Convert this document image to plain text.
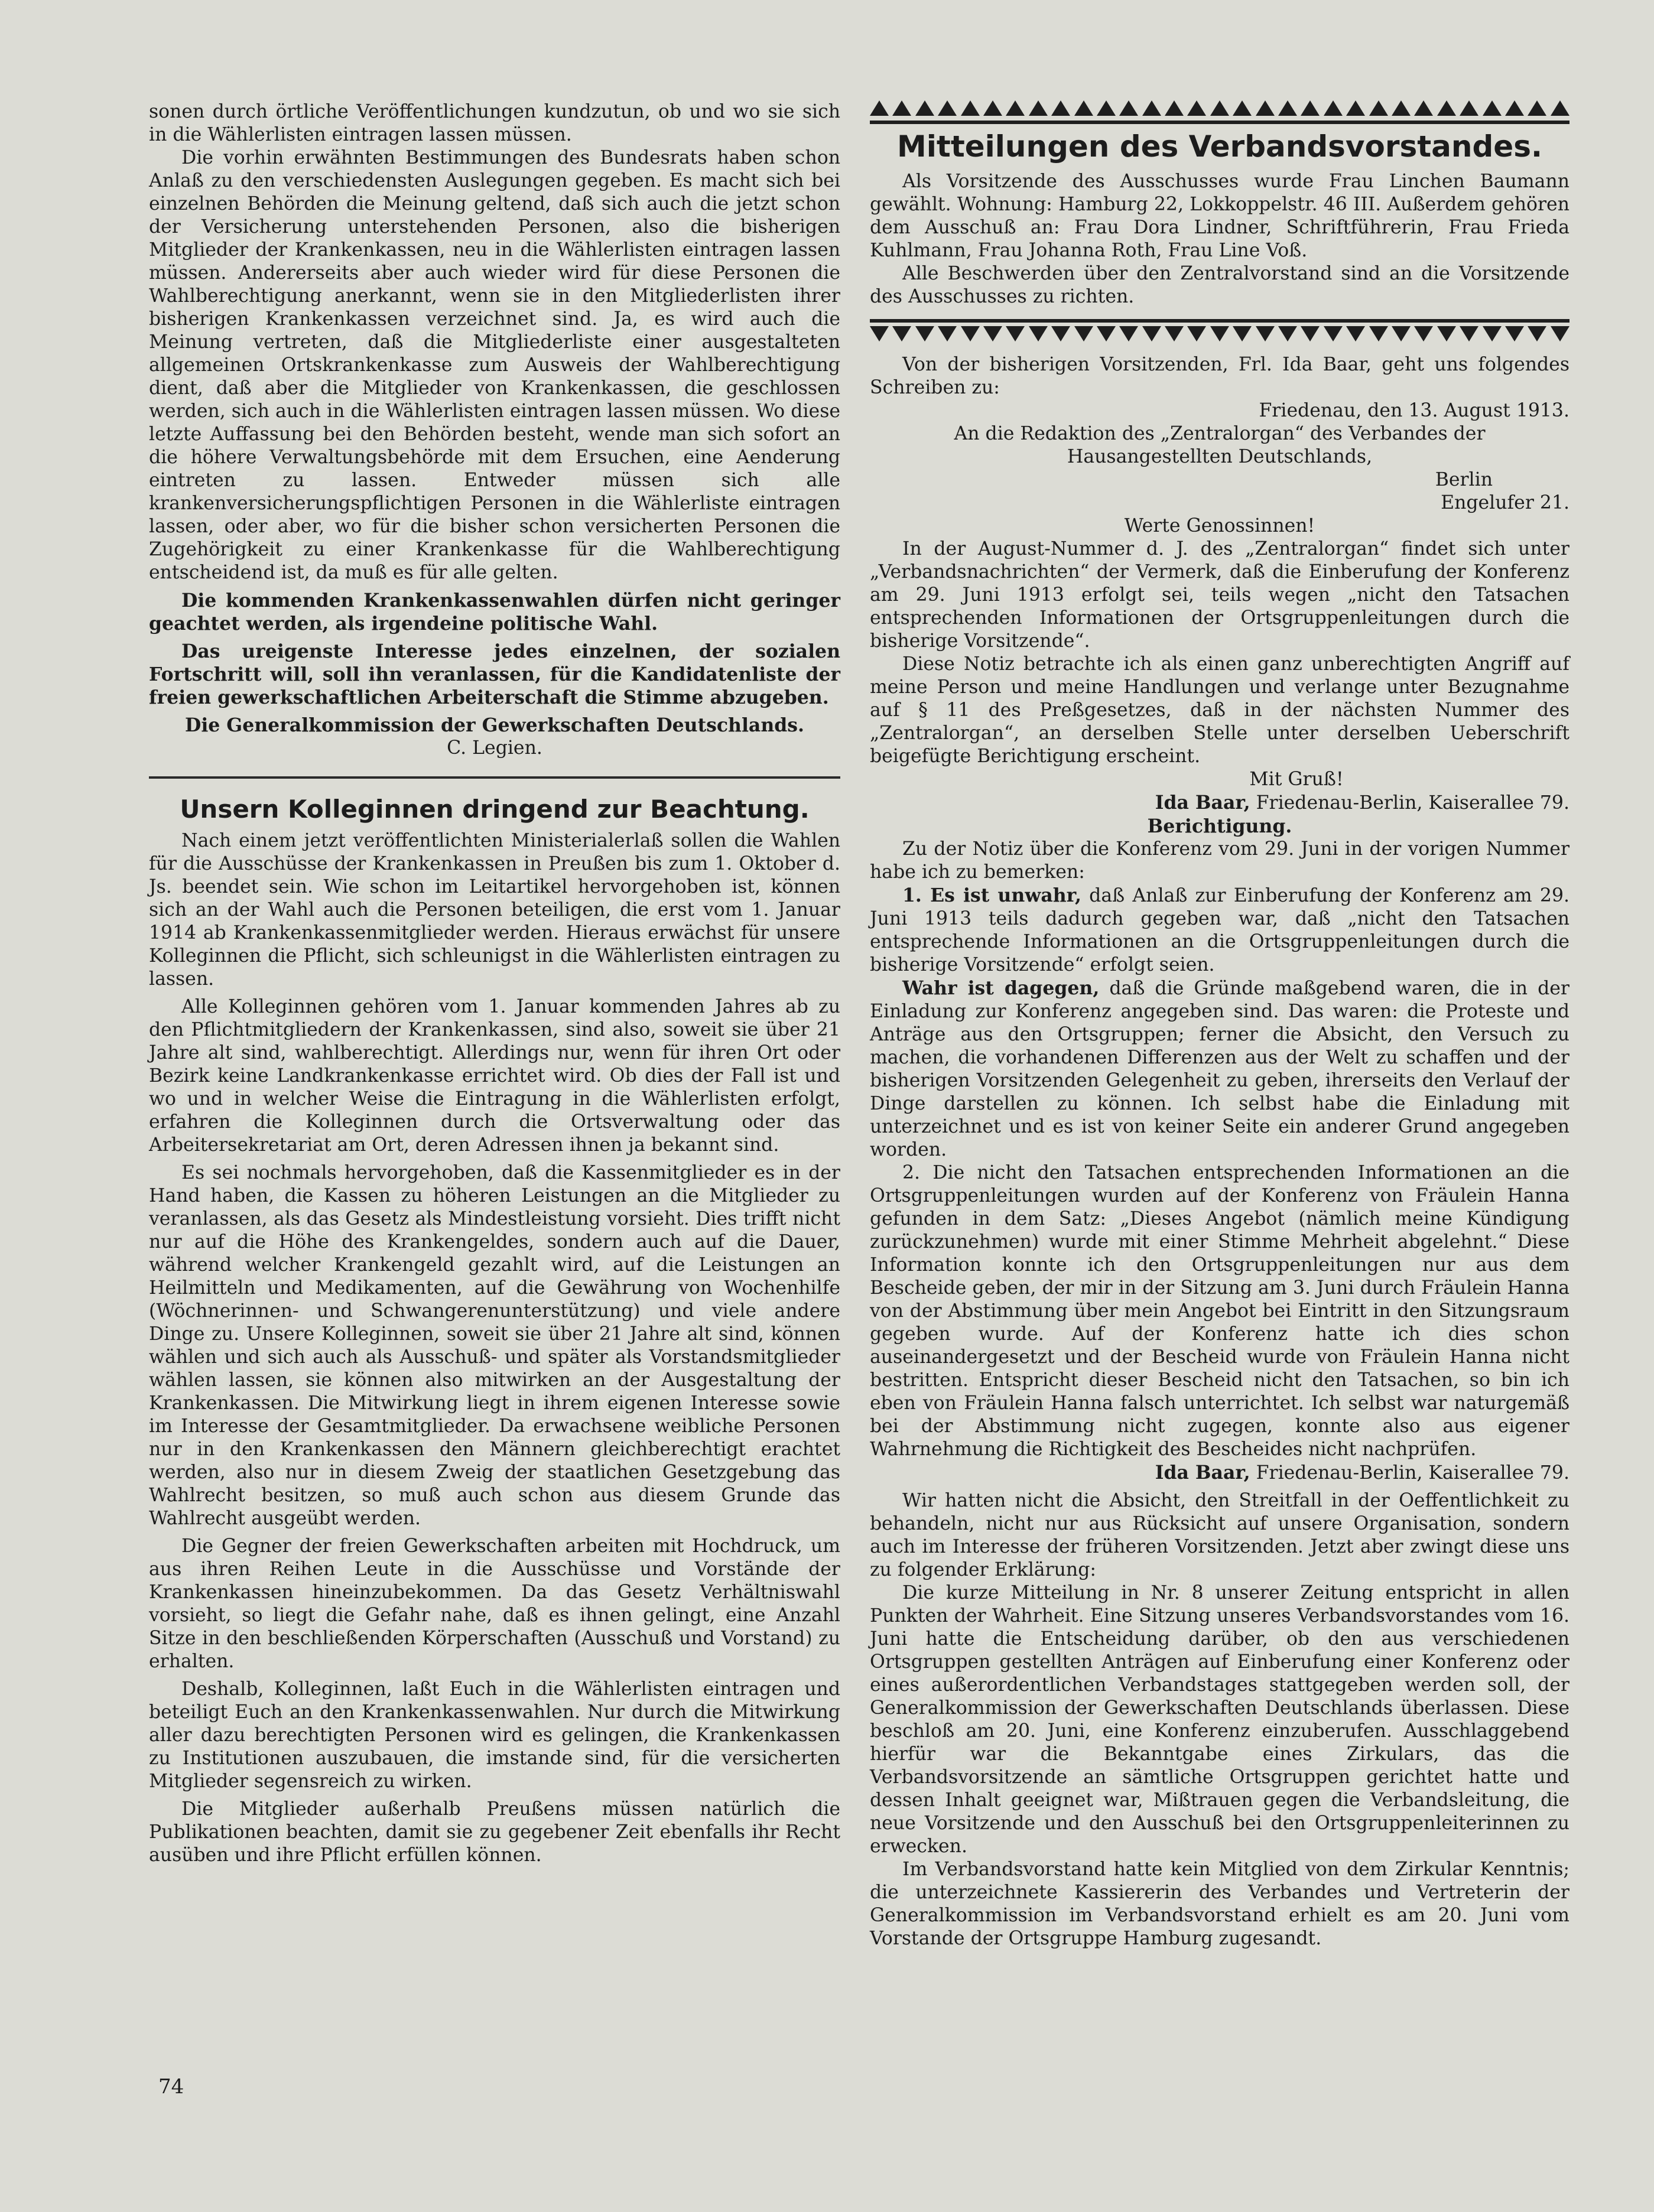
sonen durch örtliche Veröffentlichungen kundzutun, ob und wo sie sich in die Wählerlisten eintragen lassen müssen.

Die vorhin erwähnten Bestimmungen des Bundesrats haben schon Anlaß zu den verschiedensten Auslegungen gegeben. Es macht sich bei einzelnen Behörden die Meinung geltend, daß sich auch die jetzt schon der Versicherung unterstehenden Personen, also die bisherigen Mitglieder der Krankenkassen, neu in die Wählerlisten eintragen lassen müssen. Andererseits aber auch wieder wird für diese Personen die Wahlberechtigung anerkannt, wenn sie in den Mitgliederlisten ihrer bisherigen Krankenkassen verzeichnet sind. Ja, es wird auch die Meinung vertreten, daß die Mitgliederliste einer ausgestalteten allgemeinen Ortskrankenkasse zum Ausweis der Wahlberechtigung dient, daß aber die Mitglieder von Krankenkassen, die geschlossen werden, sich auch in die Wählerlisten eintragen lassen müssen. Wo diese letzte Auffassung bei den Behörden besteht, wende man sich sofort an die höhere Verwaltungsbehörde mit dem Ersuchen, eine Aenderung eintreten zu lassen. Entweder müssen sich alle krankenversicherungspflichtigen Personen in die Wählerliste eintragen lassen, oder aber, wo für die bisher schon versicherten Personen die Zugehörigkeit zu einer Krankenkasse für die Wahlberechtigung entscheidend ist, da muß es für alle gelten.

Die kommenden Krankenkassenwahlen dürfen nicht geringer geachtet werden, als irgendeine politische Wahl.

Das ureigenste Interesse jedes einzelnen, der sozialen Fortschritt will, soll ihn veranlassen, für die Kandidatenliste der freien gewerkschaftlichen Arbeiterschaft die Stimme abzugeben.

Die Generalkommission der Gewerkschaften Deutschlands.

C. Legien.

Unsern Kolleginnen dringend zur Beachtung.

Nach einem jetzt veröffentlichten Ministerialerlaß sollen die Wahlen für die Ausschüsse der Krankenkassen in Preußen bis zum 1. Oktober d. Js. beendet sein. Wie schon im Leitartikel hervorgehoben ist, können sich an der Wahl auch die Personen beteiligen, die erst vom 1. Januar 1914 ab Krankenkassenmitglieder werden. Hieraus erwächst für unsere Kolleginnen die Pflicht, sich schleunigst in die Wählerlisten eintragen zu lassen.

Alle Kolleginnen gehören vom 1. Januar kommenden Jahres ab zu den Pflichtmitgliedern der Krankenkassen, sind also, soweit sie über 21 Jahre alt sind, wahlberechtigt. Allerdings nur, wenn für ihren Ort oder Bezirk keine Landkrankenkasse errichtet wird. Ob dies der Fall ist und wo und in welcher Weise die Eintragung in die Wählerlisten erfolgt, erfahren die Kolleginnen durch die Ortsverwaltung oder das Arbeitersekretariat am Ort, deren Adressen ihnen ja bekannt sind.

Es sei nochmals hervorgehoben, daß die Kassenmitglieder es in der Hand haben, die Kassen zu höheren Leistungen an die Mitglieder zu veranlassen, als das Gesetz als Mindestleistung vorsieht. Dies trifft nicht nur auf die Höhe des Krankengeldes, sondern auch auf die Dauer, während welcher Krankengeld gezahlt wird, auf die Leistungen an Heilmitteln und Medikamenten, auf die Gewährung von Wochenhilfe (Wöchnerinnen- und Schwangerenunterstützung) und viele andere Dinge zu. Unsere Kolleginnen, soweit sie über 21 Jahre alt sind, können wählen und sich auch als Ausschuß- und später als Vorstandsmitglieder wählen lassen, sie können also mitwirken an der Ausgestaltung der Krankenkassen. Die Mitwirkung liegt in ihrem eigenen Interesse sowie im Interesse der Gesamtmitglieder. Da erwachsene weibliche Personen nur in den Krankenkassen den Männern gleichberechtigt erachtet werden, also nur in diesem Zweig der staatlichen Gesetzgebung das Wahlrecht besitzen, so muß auch schon aus diesem Grunde das Wahlrecht ausgeübt werden.

Die Gegner der freien Gewerkschaften arbeiten mit Hochdruck, um aus ihren Reihen Leute in die Ausschüsse und Vorstände der Krankenkassen hineinzubekommen. Da das Gesetz Verhältniswahl vorsieht, so liegt die Gefahr nahe, daß es ihnen gelingt, eine Anzahl Sitze in den beschließenden Körperschaften (Ausschuß und Vorstand) zu erhalten.

Deshalb, Kolleginnen, laßt Euch in die Wählerlisten eintragen und beteiligt Euch an den Krankenkassenwahlen. Nur durch die Mitwirkung aller dazu berechtigten Personen wird es gelingen, die Krankenkassen zu Institutionen auszubauen, die imstande sind, für die versicherten Mitglieder segensreich zu wirken.

Die Mitglieder außerhalb Preußens müssen natürlich die Publikationen beachten, damit sie zu gegebener Zeit ebenfalls ihr Recht ausüben und ihre Pflicht erfüllen können.

Mitteilungen des Verbandsvorstandes.

Als Vorsitzende des Ausschusses wurde Frau Linchen Baumann gewählt. Wohnung: Hamburg 22, Lokkoppelstr. 46 III. Außerdem gehören dem Ausschuß an: Frau Dora Lindner, Schriftführerin, Frau Frieda Kuhlmann, Frau Johanna Roth, Frau Line Voß.

Alle Beschwerden über den Zentralvorstand sind an die Vorsitzende des Ausschusses zu richten.

Von der bisherigen Vorsitzenden, Frl. Ida Baar, geht uns folgendes Schreiben zu:

Friedenau, den 13. August 1913.

An die Redaktion des „Zentralorgan“ des Verbandes der Hausangestellten Deutschlands,

Berlin

Engelufer 21.

Werte Genossinnen!

In der August-Nummer d. J. des „Zentralorgan“ findet sich unter „Verbandsnachrichten“ der Vermerk, daß die Einberufung der Konferenz am 29. Juni 1913 erfolgt sei, teils wegen „nicht den Tatsachen entsprechenden Informationen der Ortsgruppenleitungen durch die bisherige Vorsitzende“.

Diese Notiz betrachte ich als einen ganz unberechtigten Angriff auf meine Person und meine Handlungen und verlange unter Bezugnahme auf § 11 des Preßgesetzes, daß in der nächsten Nummer des „Zentralorgan“, an derselben Stelle unter derselben Ueberschrift beigefügte Berichtigung erscheint.

Mit Gruß!

Ida Baar, Friedenau-Berlin, Kaiserallee 79.

Berichtigung.

Zu der Notiz über die Konferenz vom 29. Juni in der vorigen Nummer habe ich zu bemerken:

1. Es ist unwahr, daß Anlaß zur Einberufung der Konferenz am 29. Juni 1913 teils dadurch gegeben war, daß „nicht den Tatsachen entsprechende Informationen an die Ortsgruppenleitungen durch die bisherige Vorsitzende“ erfolgt seien.

Wahr ist dagegen, daß die Gründe maßgebend waren, die in der Einladung zur Konferenz angegeben sind. Das waren: die Proteste und Anträge aus den Ortsgruppen; ferner die Absicht, den Versuch zu machen, die vorhandenen Differenzen aus der Welt zu schaffen und der bisherigen Vorsitzenden Gelegenheit zu geben, ihrerseits den Verlauf der Dinge darstellen zu können. Ich selbst habe die Einladung mit unterzeichnet und es ist von keiner Seite ein anderer Grund angegeben worden.

2. Die nicht den Tatsachen entsprechenden Informationen an die Ortsgruppenleitungen wurden auf der Konferenz von Fräulein Hanna gefunden in dem Satz: „Dieses Angebot (nämlich meine Kündigung zurückzunehmen) wurde mit einer Stimme Mehrheit abgelehnt.“ Diese Information konnte ich den Ortsgruppenleitungen nur aus dem Bescheide geben, der mir in der Sitzung am 3. Juni durch Fräulein Hanna von der Abstimmung über mein Angebot bei Eintritt in den Sitzungsraum gegeben wurde. Auf der Konferenz hatte ich dies schon auseinandergesetzt und der Bescheid wurde von Fräulein Hanna nicht bestritten. Entspricht dieser Bescheid nicht den Tatsachen, so bin ich eben von Fräulein Hanna falsch unterrichtet. Ich selbst war naturgemäß bei der Abstimmung nicht zugegen, konnte also aus eigener Wahrnehmung die Richtigkeit des Bescheides nicht nachprüfen.

Ida Baar, Friedenau-Berlin, Kaiserallee 79.

Wir hatten nicht die Absicht, den Streitfall in der Oeffentlichkeit zu behandeln, nicht nur aus Rücksicht auf unsere Organisation, sondern auch im Interesse der früheren Vorsitzenden. Jetzt aber zwingt diese uns zu folgender Erklärung:

Die kurze Mitteilung in Nr. 8 unserer Zeitung entspricht in allen Punkten der Wahrheit. Eine Sitzung unseres Verbandsvorstandes vom 16. Juni hatte die Entscheidung darüber, ob den aus verschiedenen Ortsgruppen gestellten Anträgen auf Einberufung einer Konferenz oder eines außerordentlichen Verbandstages stattgegeben werden soll, der Generalkommission der Gewerkschaften Deutschlands überlassen. Diese beschloß am 20. Juni, eine Konferenz einzuberufen. Ausschlaggebend hierfür war die Bekanntgabe eines Zirkulars, das die Verbandsvorsitzende an sämtliche Ortsgruppen gerichtet hatte und dessen Inhalt geeignet war, Mißtrauen gegen die Verbandsleitung, die neue Vorsitzende und den Ausschuß bei den Ortsgruppenleiterinnen zu erwecken.

Im Verbandsvorstand hatte kein Mitglied von dem Zirkular Kenntnis; die unterzeichnete Kassiererin des Verbandes und Vertreterin der Generalkommission im Verbandsvorstand erhielt es am 20. Juni vom Vorstande der Ortsgruppe Hamburg zugesandt.

74
